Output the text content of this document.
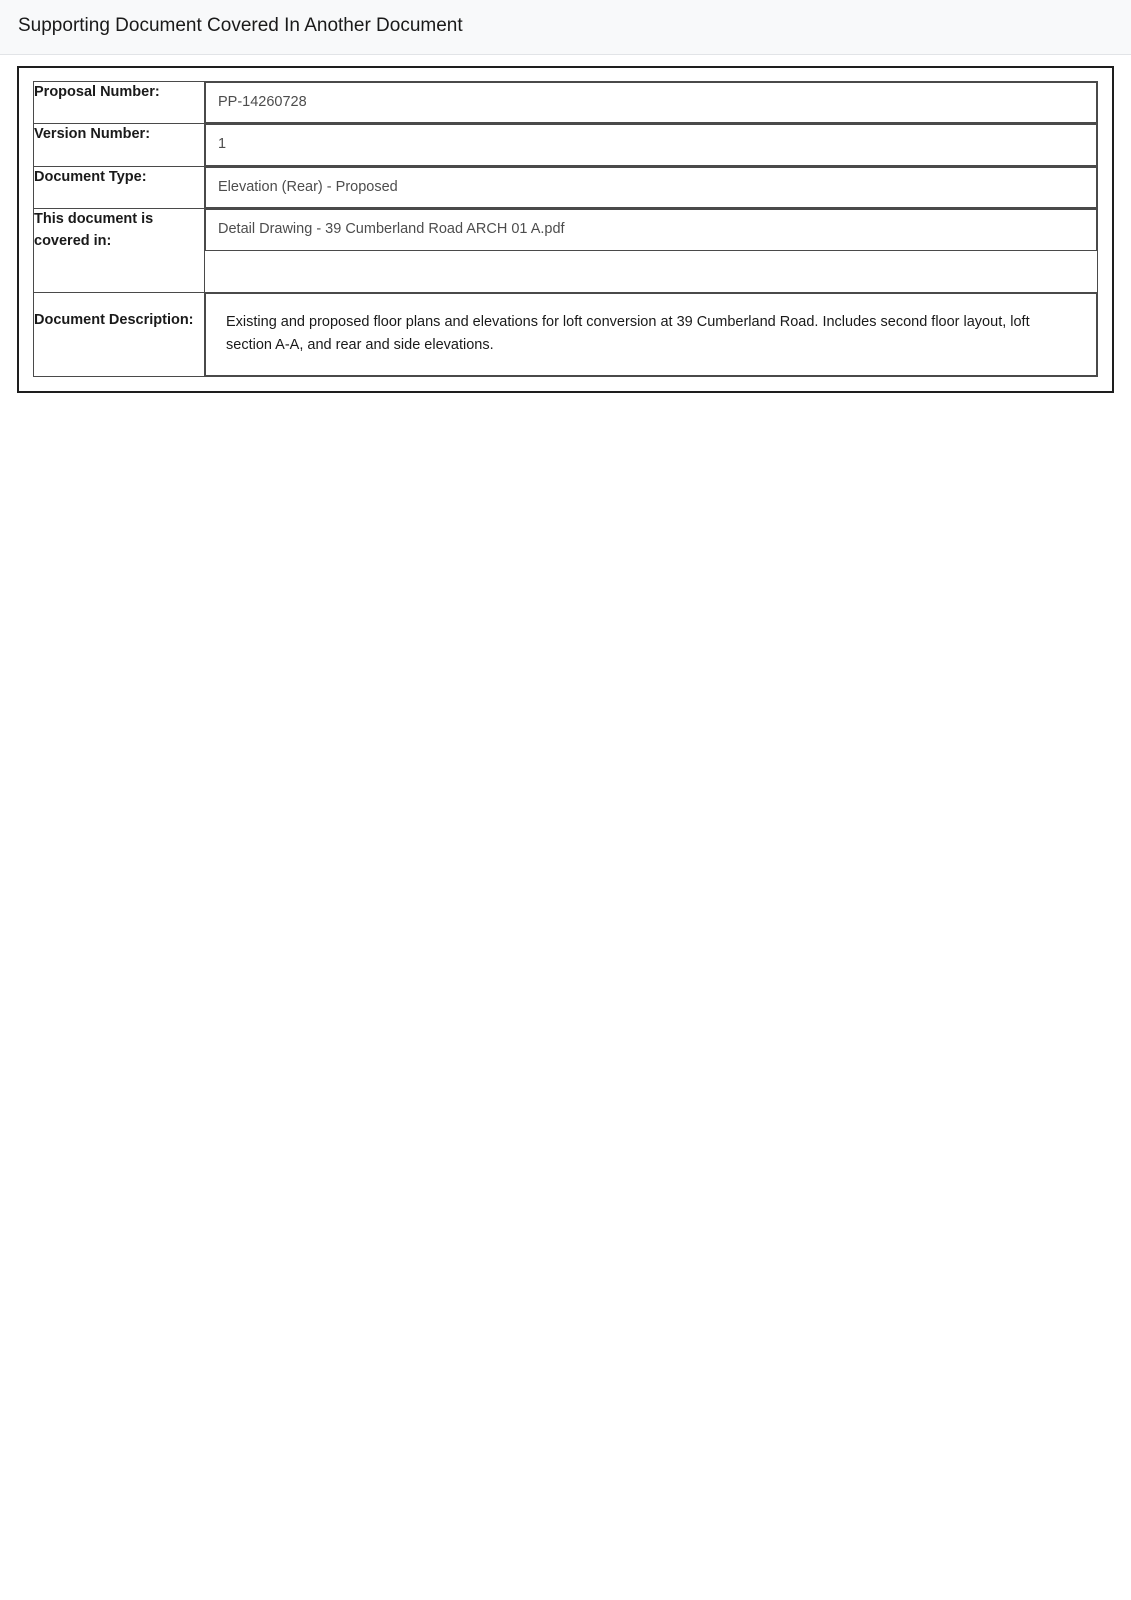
Supporting Document Covered In Another Document
Proposal Number:	PP-14260728

Version Number:	1

Document Type:	Elevation (Rear) - Proposed

This document is covered in:	Detail Drawing - 39 Cumberland Road ARCH 01 A.pdf

Document Description:	Existing and proposed floor plans and elevations for loft conversion at 39 Cumberland Road. Includes second floor layout, loft section A-A, and rear and side elevations.
